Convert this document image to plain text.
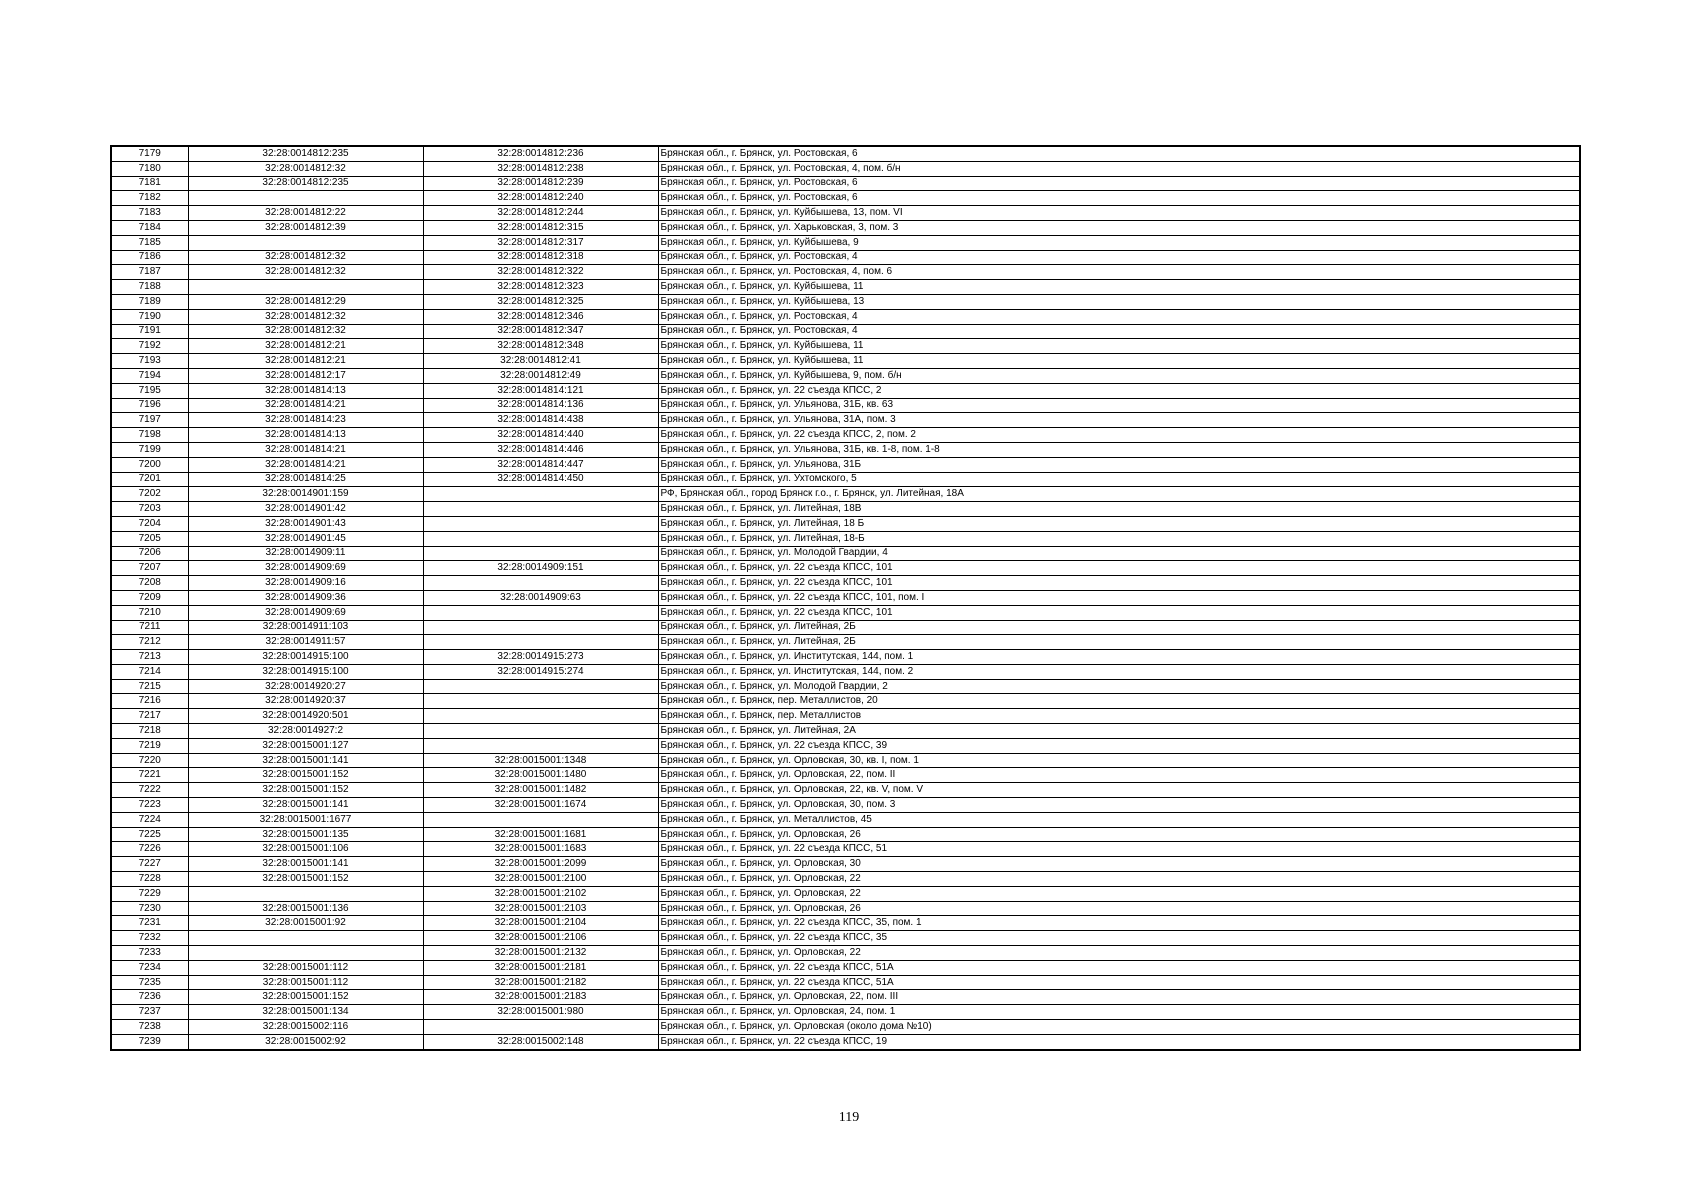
7179	32:28:0014812:235	32:28:0014812:236	Брянская обл., г. Брянск, ул. Ростовская, 6
7180	32:28:0014812:32	32:28:0014812:238	Брянская обл., г. Брянск, ул. Ростовская, 4, пом. б/н
7181	32:28:0014812:235	32:28:0014812:239	Брянская обл., г. Брянск, ул. Ростовская, 6
7182		32:28:0014812:240	Брянская обл., г. Брянск, ул. Ростовская, 6
7183	32:28:0014812:22	32:28:0014812:244	Брянская обл., г. Брянск, ул. Куйбышева, 13, пом. VI
7184	32:28:0014812:39	32:28:0014812:315	Брянская обл., г. Брянск, ул. Харьковская, 3, пом. 3
7185		32:28:0014812:317	Брянская обл., г. Брянск, ул. Куйбышева, 9
7186	32:28:0014812:32	32:28:0014812:318	Брянская обл., г. Брянск, ул. Ростовская, 4
7187	32:28:0014812:32	32:28:0014812:322	Брянская обл., г. Брянск, ул. Ростовская, 4, пом. 6
7188		32:28:0014812:323	Брянская обл., г. Брянск, ул. Куйбышева, 11
7189	32:28:0014812:29	32:28:0014812:325	Брянская обл., г. Брянск, ул. Куйбышева, 13
7190	32:28:0014812:32	32:28:0014812:346	Брянская обл., г. Брянск, ул. Ростовская, 4
7191	32:28:0014812:32	32:28:0014812:347	Брянская обл., г. Брянск, ул. Ростовская, 4
7192	32:28:0014812:21	32:28:0014812:348	Брянская обл., г. Брянск, ул. Куйбышева, 11
7193	32:28:0014812:21	32:28:0014812:41	Брянская обл., г. Брянск, ул. Куйбышева, 11
7194	32:28:0014812:17	32:28:0014812:49	Брянская обл., г. Брянск, ул. Куйбышева, 9, пом. б/н
7195	32:28:0014814:13	32:28:0014814:121	Брянская обл., г. Брянск, ул. 22 съезда КПСС, 2
7196	32:28:0014814:21	32:28:0014814:136	Брянская обл., г. Брянск, ул. Ульянова, 31Б, кв. 63
7197	32:28:0014814:23	32:28:0014814:438	Брянская обл., г. Брянск, ул. Ульянова, 31А, пом. 3
7198	32:28:0014814:13	32:28:0014814:440	Брянская обл., г. Брянск, ул. 22 съезда КПСС, 2, пом. 2
7199	32:28:0014814:21	32:28:0014814:446	Брянская обл., г. Брянск, ул. Ульянова, 31Б, кв. 1-8, пом. 1-8
7200	32:28:0014814:21	32:28:0014814:447	Брянская обл., г. Брянск, ул. Ульянова, 31Б
7201	32:28:0014814:25	32:28:0014814:450	Брянская обл., г. Брянск, ул. Ухтомского, 5
7202	32:28:0014901:159		РФ, Брянская обл., город Брянск г.о., г. Брянск, ул. Литейная, 18А
7203	32:28:0014901:42		Брянская обл., г. Брянск, ул. Литейная, 18В
7204	32:28:0014901:43		Брянская обл., г. Брянск, ул. Литейная, 18 Б
7205	32:28:0014901:45		Брянская обл., г. Брянск, ул. Литейная, 18-Б
7206	32:28:0014909:11		Брянская обл., г. Брянск, ул. Молодой Гвардии, 4
7207	32:28:0014909:69	32:28:0014909:151	Брянская обл., г. Брянск, ул. 22 съезда КПСС, 101
7208	32:28:0014909:16		Брянская обл., г. Брянск, ул. 22 съезда КПСС, 101
7209	32:28:0014909:36	32:28:0014909:63	Брянская обл., г. Брянск, ул. 22 съезда КПСС, 101, пом. I
7210	32:28:0014909:69		Брянская обл., г. Брянск, ул. 22 съезда КПСС, 101
7211	32:28:0014911:103		Брянская обл., г. Брянск, ул. Литейная, 2Б
7212	32:28:0014911:57		Брянская обл., г. Брянск, ул. Литейная, 2Б
7213	32:28:0014915:100	32:28:0014915:273	Брянская обл., г. Брянск, ул. Институтская, 144, пом. 1
7214	32:28:0014915:100	32:28:0014915:274	Брянская обл., г. Брянск, ул. Институтская, 144, пом. 2
7215	32:28:0014920:27		Брянская обл., г. Брянск, ул. Молодой Гвардии, 2
7216	32:28:0014920:37		Брянская обл., г. Брянск, пер. Металлистов, 20
7217	32:28:0014920:501		Брянская обл., г. Брянск, пер. Металлистов
7218	32:28:0014927:2		Брянская обл., г. Брянск, ул. Литейная, 2А
7219	32:28:0015001:127		Брянская обл., г. Брянск, ул. 22 съезда КПСС, 39
7220	32:28:0015001:141	32:28:0015001:1348	Брянская обл., г. Брянск, ул. Орловская, 30, кв. I, пом. 1
7221	32:28:0015001:152	32:28:0015001:1480	Брянская обл., г. Брянск, ул. Орловская, 22, пом. II
7222	32:28:0015001:152	32:28:0015001:1482	Брянская обл., г. Брянск, ул. Орловская, 22, кв. V, пом. V
7223	32:28:0015001:141	32:28:0015001:1674	Брянская обл., г. Брянск, ул. Орловская, 30, пом. 3
7224	32:28:0015001:1677		Брянская обл., г. Брянск, ул. Металлистов, 45
7225	32:28:0015001:135	32:28:0015001:1681	Брянская обл., г. Брянск, ул. Орловская, 26
7226	32:28:0015001:106	32:28:0015001:1683	Брянская обл., г. Брянск, ул. 22 съезда КПСС, 51
7227	32:28:0015001:141	32:28:0015001:2099	Брянская обл., г. Брянск, ул. Орловская, 30
7228	32:28:0015001:152	32:28:0015001:2100	Брянская обл., г. Брянск, ул. Орловская, 22
7229		32:28:0015001:2102	Брянская обл., г. Брянск, ул. Орловская, 22
7230	32:28:0015001:136	32:28:0015001:2103	Брянская обл., г. Брянск, ул. Орловская, 26
7231	32:28:0015001:92	32:28:0015001:2104	Брянская обл., г. Брянск, ул. 22 съезда КПСС, 35, пом. 1
7232		32:28:0015001:2106	Брянская обл., г. Брянск, ул. 22 съезда КПСС, 35
7233		32:28:0015001:2132	Брянская обл., г. Брянск, ул. Орловская, 22
7234	32:28:0015001:112	32:28:0015001:2181	Брянская обл., г. Брянск, ул. 22 съезда КПСС, 51А
7235	32:28:0015001:112	32:28:0015001:2182	Брянская обл., г. Брянск, ул. 22 съезда КПСС, 51А
7236	32:28:0015001:152	32:28:0015001:2183	Брянская обл., г. Брянск, ул. Орловская, 22, пом. III
7237	32:28:0015001:134	32:28:0015001:980	Брянская обл., г. Брянск, ул. Орловская, 24, пом. 1
7238	32:28:0015002:116		Брянская обл., г. Брянск, ул. Орловская (около дома №10)
7239	32:28:0015002:92	32:28:0015002:148	Брянская обл., г. Брянск, ул. 22 съезда КПСС, 19
119
